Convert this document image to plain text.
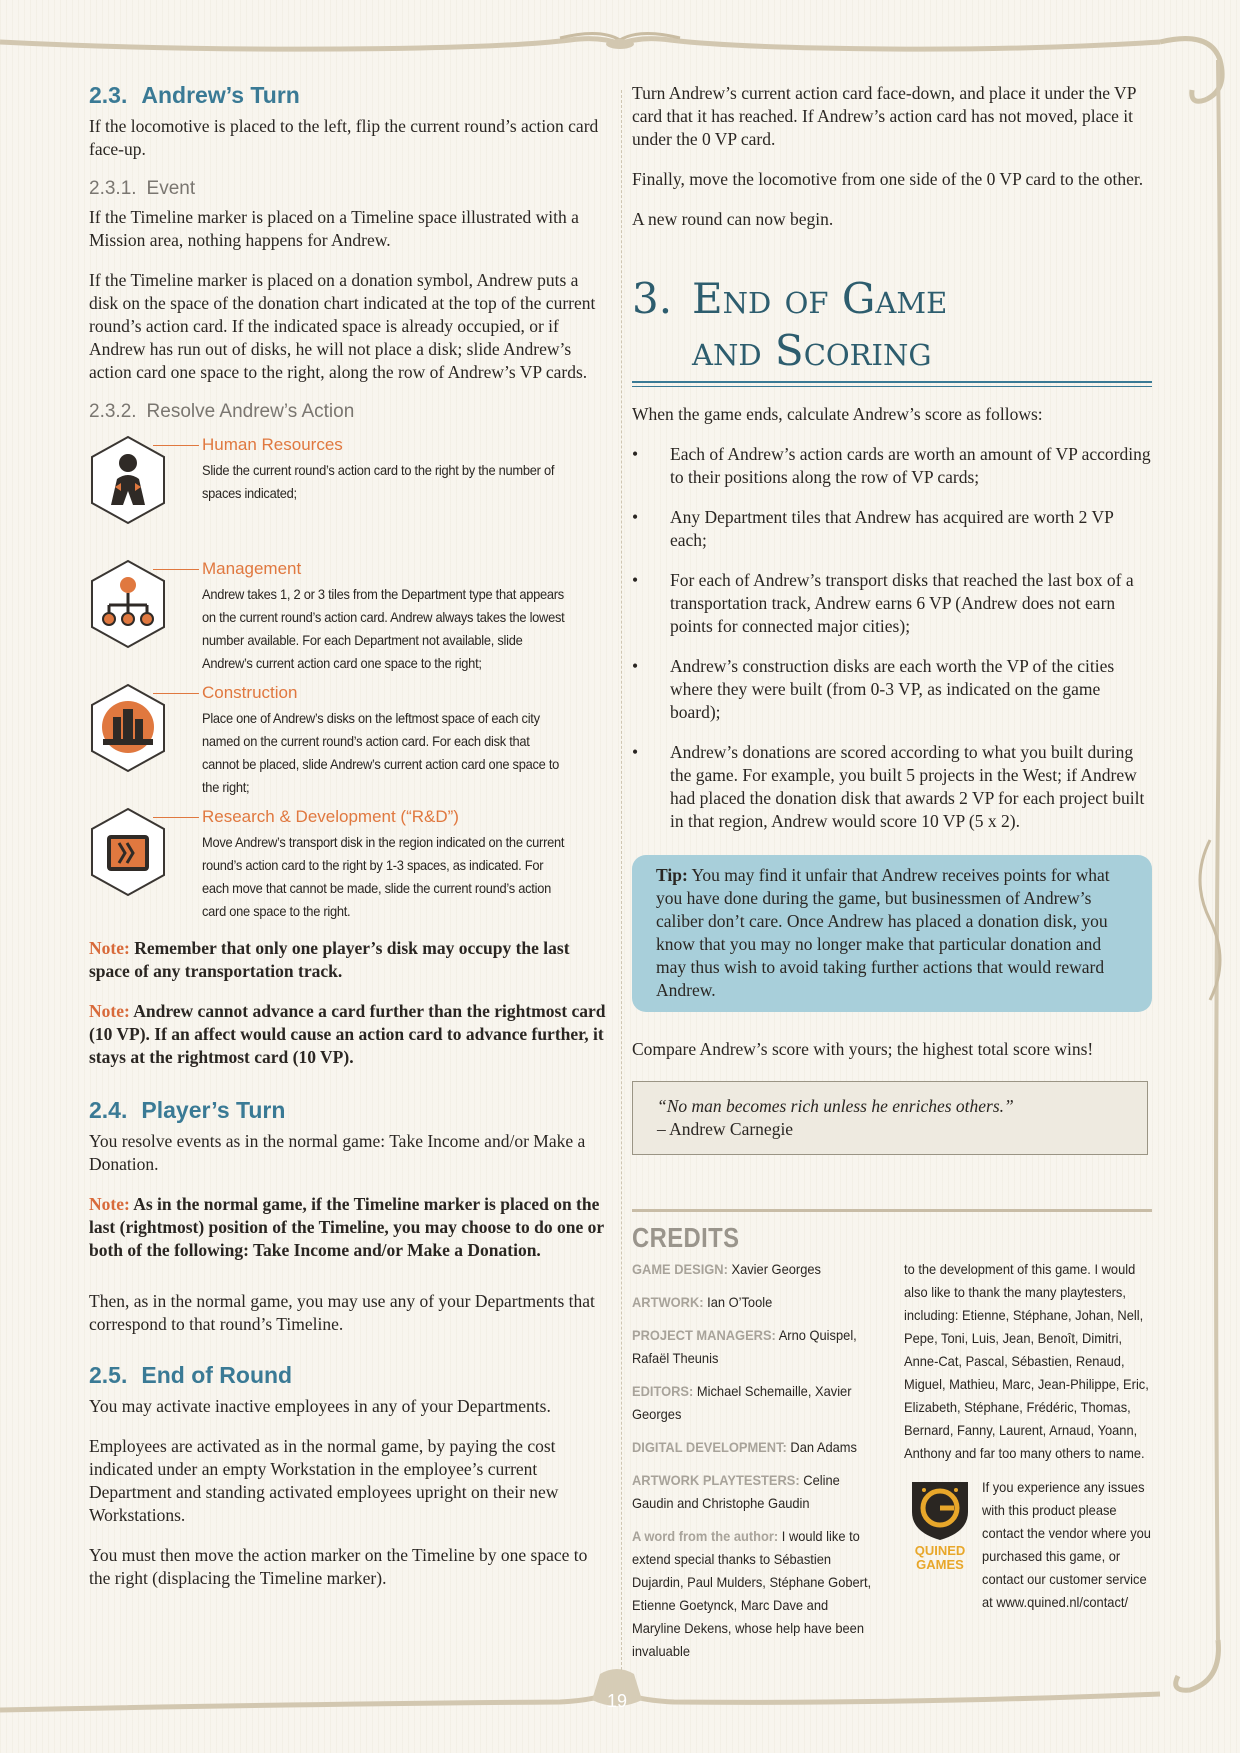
19
2.3. Andrew’s Turn

If the locomotive is placed to the left, flip the current round’s action card face-up.

2.3.1. Event

If the Timeline marker is placed on a Timeline space illustrated with a Mission area, nothing happens for Andrew.

If the Timeline marker is placed on a donation symbol, Andrew puts a disk on the space of the donation chart indicated at the top of the current round’s action card. If the indicated space is already occupied, or if Andrew has run out of disks, he will not place a disk; slide Andrew’s action card one space to the right, along the row of Andrew’s VP cards.

2.3.2. Resolve Andrew’s Action
Human Resources
Slide the current round’s action card to the right by the number of spaces indicated;
Management
Andrew takes 1, 2 or 3 tiles from the Department type that appears on the current round’s action card. Andrew always takes the lowest number available. For each Department not available, slide Andrew’s current action card one space to the right;
Construction
Place one of Andrew’s disks on the leftmost space of each city named on the current round’s action card. For each disk that cannot be placed, slide Andrew’s current action card one space to the right;
Research & Development (“R&D”)
Move Andrew’s transport disk in the region indicated on the current round’s action card to the right by 1-3 spaces, as indicated. For each move that cannot be made, slide the current round’s action card one space to the right.

Note: Remember that only one player’s disk may occupy the last space of any transportation track.

Note: Andrew cannot advance a card further than the rightmost card (10 VP). If an affect would cause an action card to advance further, it stays at the rightmost card (10 VP).

2.4. Player’s Turn

You resolve events as in the normal game: Take Income and/or Make a Donation.

Note: As in the normal game, if the Timeline marker is placed on the last (rightmost) position of the Timeline, you may choose to do one or both of the following: Take Income and/or Make a Donation.

Then, as in the normal game, you may use any of your Departments that correspond to that round’s Timeline.

2.5. End of Round

You may activate inactive employees in any of your Departments.

Employees are activated as in the normal game, by paying the cost indicated under an empty Workstation in the employee’s current Department and standing activated employees upright on their new Workstations.

You must then move the action marker on the Timeline by one space to the right (displacing the Timeline marker).

Turn Andrew’s current action card face-down, and place it under the VP card that it has reached. If Andrew’s action card has not moved, place it under the 0 VP card.

Finally, move the locomotive from one side of the 0 VP card to the other.

A new round can now begin.

3. End of Game
and Scoring

When the game ends, calculate Andrew’s score as follows:

• Each of Andrew’s action cards are worth an amount of VP according to their positions along the row of VP cards;
• Any Department tiles that Andrew has acquired are worth 2 VP each;
• For each of Andrew’s transport disks that reached the last box of a transportation track, Andrew earns 6 VP (Andrew does not earn points for connected major cities);
• Andrew’s construction disks are each worth the VP of the cities where they were built (from 0-3 VP, as indicated on the game board);
• Andrew’s donations are scored according to what you built during the game. For example, you built 5 projects in the West; if Andrew had placed the donation disk that awards 2 VP for each project built in that region, Andrew would score 10 VP (5 x 2).
Tip: You may find it unfair that Andrew receives points for what you have done during the game, but businessmen of Andrew’s caliber don’t care. Once Andrew has placed a donation disk, you know that you may no longer make that particular donation and may thus wish to avoid taking further actions that would reward Andrew.

Compare Andrew’s score with yours; the highest total score wins!

“No man becomes rich unless he enriches others.”
– Andrew Carnegie
CREDITS
GAME DESIGN: Xavier Georges
ARTWORK: Ian O’Toole
PROJECT MANAGERS: Arno Quispel, Rafaël Theunis
EDITORS: Michael Schemaille, Xavier Georges
DIGITAL DEVELOPMENT: Dan Adams
ARTWORK PLAYTESTERS: Celine Gaudin and Christophe Gaudin
A word from the author: I would like to extend special thanks to Sébastien Dujardin, Paul Mulders, Stéphane Gobert, Etienne Goetynck, Marc Dave and Maryline Dekens, whose help have been invaluable
to the development of this game. I would also like to thank the many playtesters, including: Etienne, Stéphane, Johan, Nell, Pepe, Toni, Luis, Jean, Benoît, Dimitri, Anne-Cat, Pascal, Sébastien, Renaud, Miguel, Mathieu, Marc, Jean-Philippe, Eric, Elizabeth, Stéphane, Frédéric, Thomas, Bernard, Fanny, Laurent, Arnaud, Yoann, Anthony and far too many others to name.
QUINED
GAMES
If you experience any issues with this product please contact the vendor where you purchased this game, or contact our customer service at www.quined.nl/contact/
